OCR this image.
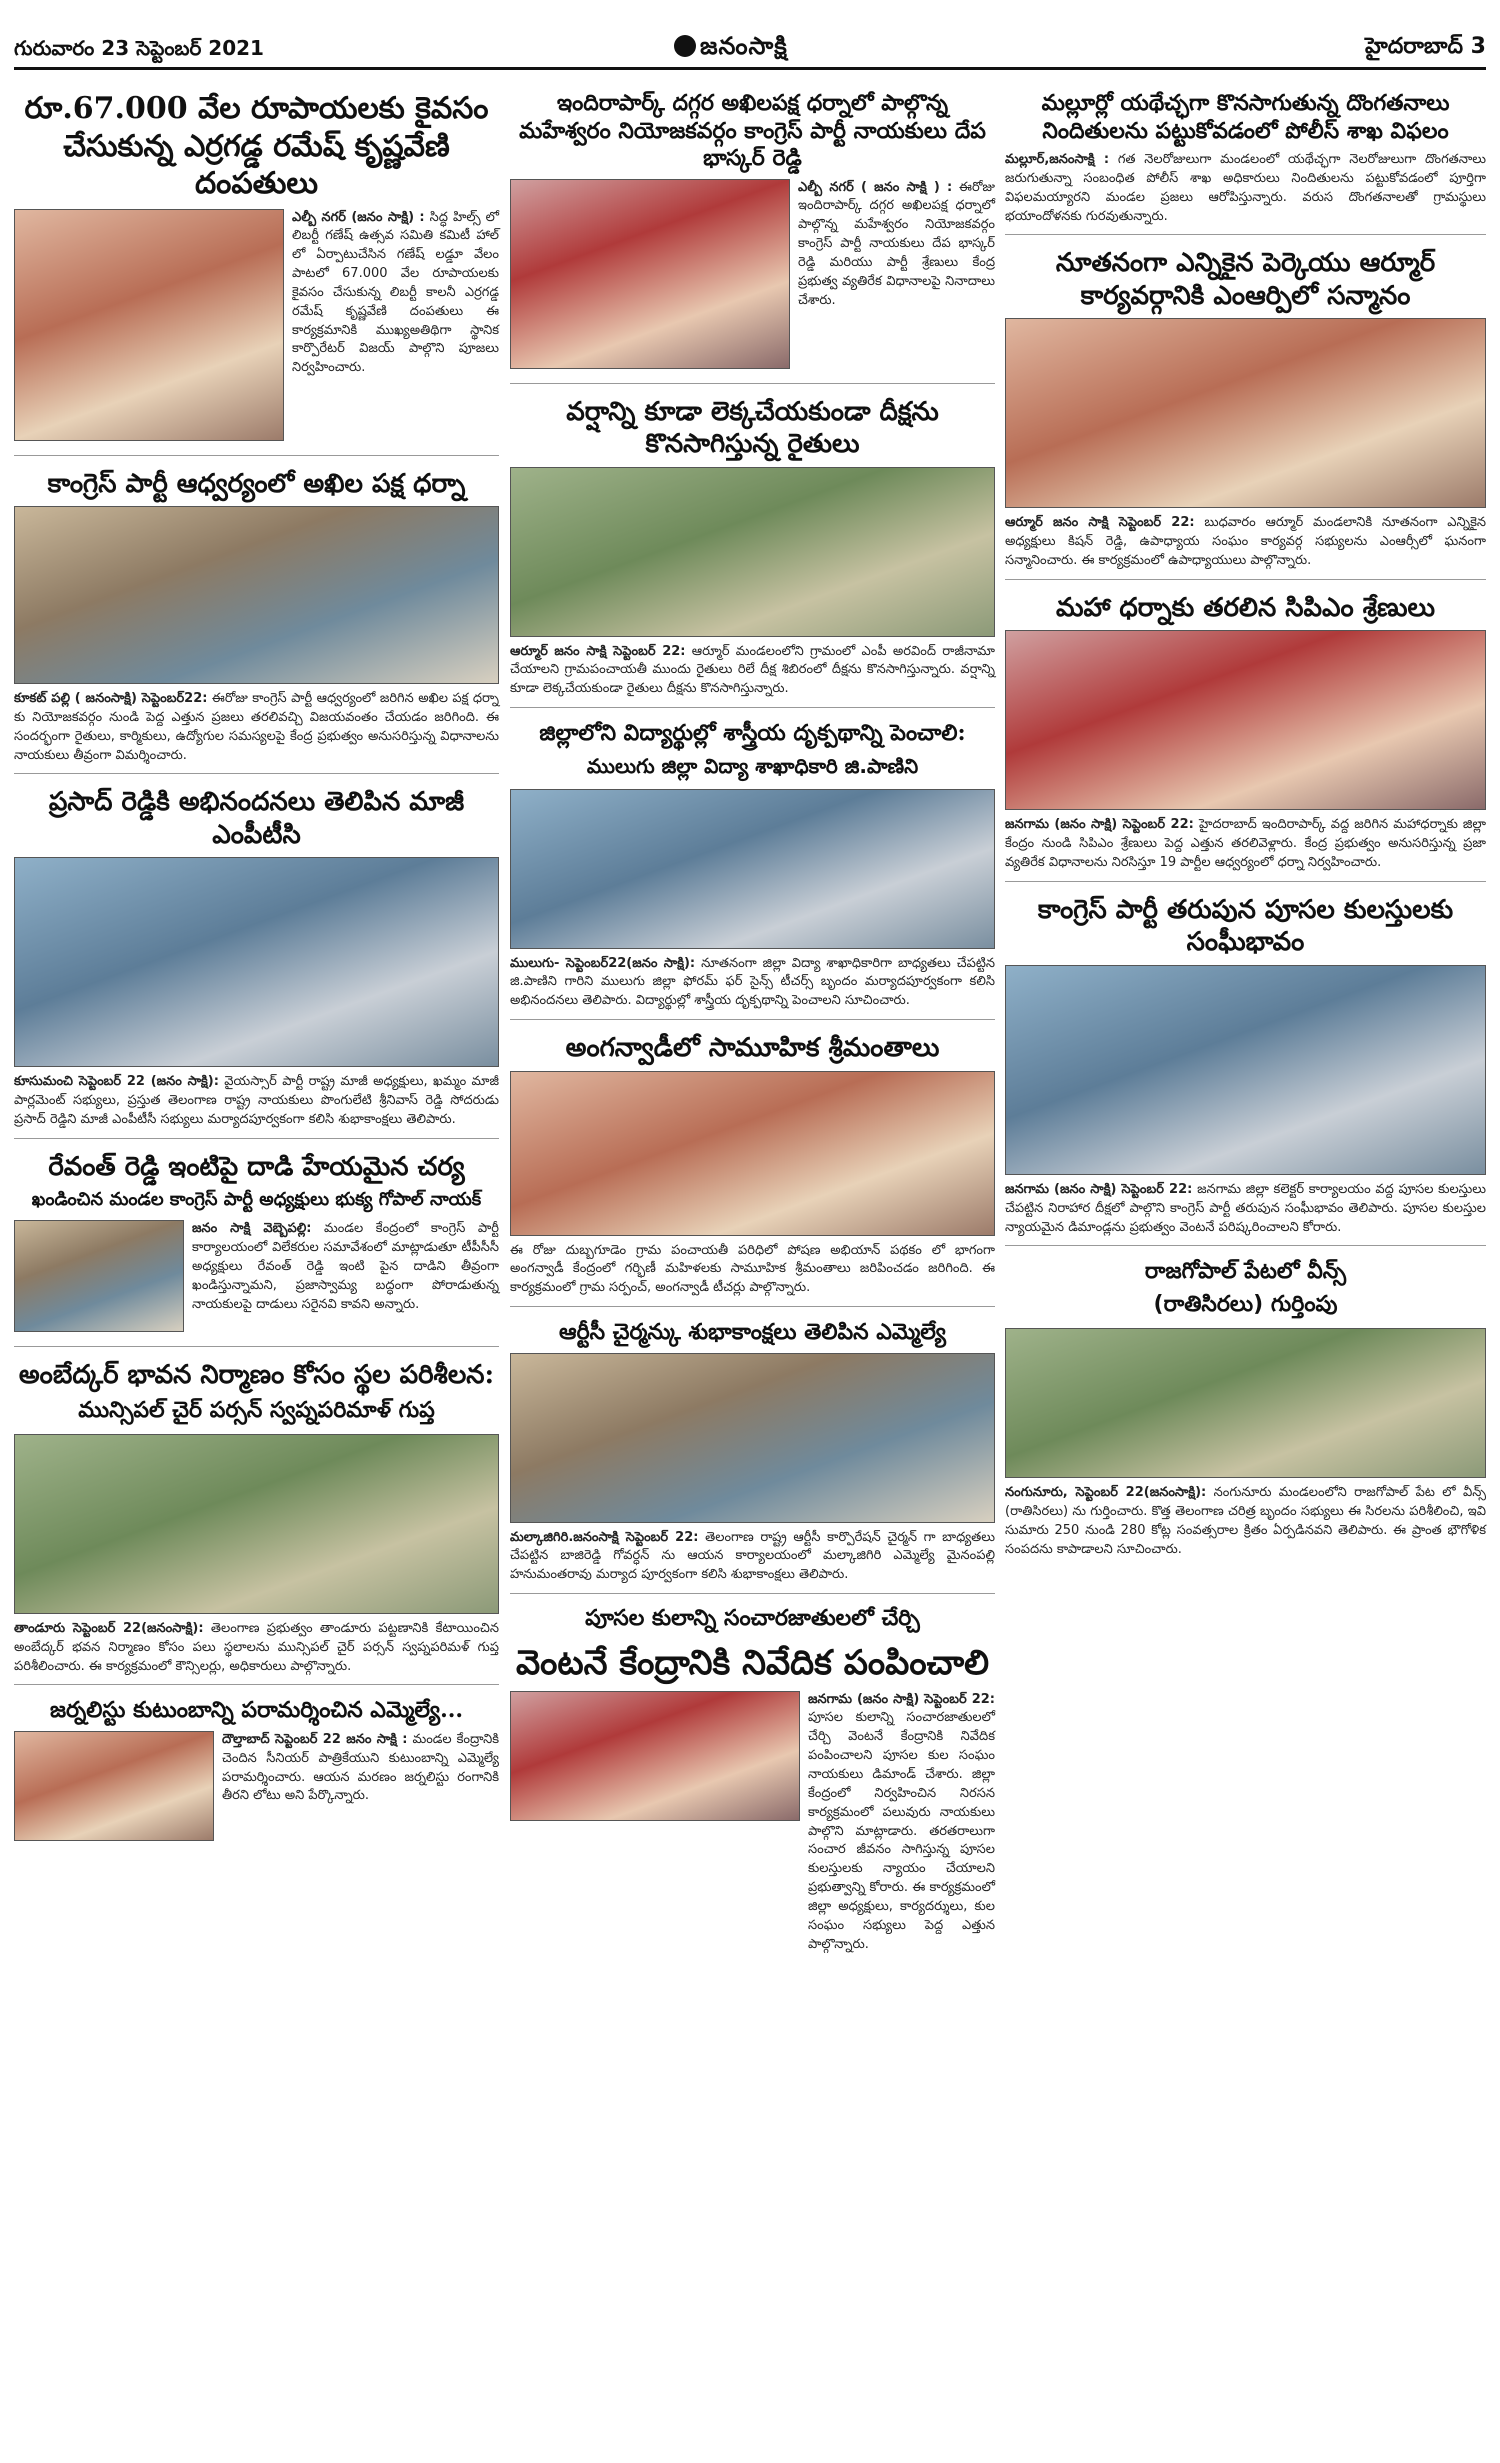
గురువారం 23 సెప్టెంబర్ 2021	జనంసాక్షి	హైదరాబాద్ 3
రూ.67.000 వేల రూపాయలకు కైవసం చేసుకున్న ఎర్రగడ్డ రమేష్ కృష్ణవేణి దంపతులు
ఎల్బీ నగర్ (జనం సాక్షి) : సిద్ధ హిల్స్ లో లిబర్టీ గణేష్ ఉత్సవ సమితి కమిటీ హాల్ లో ఏర్పాటుచేసిన గణేష్ లడ్డూ వేలం పాటలో 67.000 వేల రూపాయలకు కైవసం చేసుకున్న లిబర్టీ కాలనీ ఎర్రగడ్డ రమేష్ కృష్ణవేణి దంపతులు ఈ కార్యక్రమానికి ముఖ్యఅతిథిగా స్థానిక కార్పొరేటర్ విజయ్ పాల్గొని పూజలు నిర్వహించారు.
కాంగ్రెస్ పార్టీ ఆధ్వర్యంలో అఖిల పక్ష ధర్నా
కూకట్ పల్లి ( జనంసాక్షి) సెప్టెంబర్22: ఈరోజు కాంగ్రెస్ పార్టీ ఆధ్వర్యంలో జరిగిన అఖిల పక్ష ధర్నా కు నియోజకవర్గం నుండి పెద్ద ఎత్తున ప్రజలు తరలివచ్చి విజయవంతం చేయడం జరిగింది. ఈ సందర్భంగా రైతులు, కార్మికులు, ఉద్యోగుల సమస్యలపై కేంద్ర ప్రభుత్వం అనుసరిస్తున్న విధానాలను నాయకులు తీవ్రంగా విమర్శించారు.
ప్రసాద్ రెడ్డికి అభినందనలు తెలిపిన మాజీ ఎంపీటీసి
కూసుమంచి సెప్టెంబర్ 22 (జనం సాక్షి): వైయస్సార్ పార్టీ రాష్ట్ర మాజీ అధ్యక్షులు, ఖమ్మం మాజీ పార్లమెంట్ సభ్యులు, ప్రస్తుత తెలంగాణ రాష్ట్ర నాయకులు పొంగులేటి శ్రీనివాస్ రెడ్డి సోదరుడు ప్రసాద్ రెడ్డిని మాజీ ఎంపీటీసీ సభ్యులు మర్యాదపూర్వకంగా కలిసి శుభాకాంక్షలు తెలిపారు.
రేవంత్ రెడ్డి ఇంటిపై దాడి హేయమైన చర్య
ఖండించిన మండల కాంగ్రెస్ పార్టీ అధ్యక్షులు భుక్య గోపాల్ నాయక్
జనం సాక్షి వెబ్బెపల్లి: మండల కేంద్రంలో కాంగ్రెస్ పార్టీ కార్యాలయంలో విలేకరుల సమావేశంలో మాట్లాడుతూ టీపీసీసీ అధ్యక్షులు రేవంత్ రెడ్డి ఇంటి పైన దాడిని తీవ్రంగా ఖండిస్తున్నామని, ప్రజాస్వామ్య బద్ధంగా పోరాడుతున్న నాయకులపై దాడులు సరైనవి కావని అన్నారు.
అంబేద్కర్ భావన నిర్మాణం కోసం స్థల పరిశీలన:
మున్సిపల్ చైర్ పర్సన్ స్వప్నపరిమాళ్ గుప్త
తాండూరు సెప్టెంబర్ 22(జనంసాక్షి): తెలంగాణ ప్రభుత్వం తాండూరు పట్టణానికి కేటాయించిన అంబేద్కర్ భవన నిర్మాణం కోసం పలు స్థలాలను మున్సిపల్ చైర్ పర్సన్ స్వప్నపరిమళ్ గుప్త పరిశీలించారు. ఈ కార్యక్రమంలో కౌన్సిలర్లు, అధికారులు పాల్గొన్నారు.
జర్నలిస్టు కుటుంబాన్ని పరామర్శించిన ఎమ్మెల్యే...
దౌల్తాబాద్ సెప్టెంబర్ 22 జనం సాక్షి : మండల కేంద్రానికి చెందిన సీనియర్ పాత్రికేయుని కుటుంబాన్ని ఎమ్మెల్యే పరామర్శించారు. ఆయన మరణం జర్నలిస్టు రంగానికి తీరని లోటు అని పేర్కొన్నారు.
ఇందిరాపార్క్ దగ్గర అఖిలపక్ష ధర్నాలో పాల్గొన్న మహేశ్వరం నియోజకవర్గం కాంగ్రెస్ పార్టీ నాయకులు దేప భాస్కర్ రెడ్డి
ఎల్బీ నగర్ ( జనం సాక్షి ) : ఈరోజు ఇందిరాపార్క్ దగ్గర అఖిలపక్ష ధర్నాలో పాల్గొన్న మహేశ్వరం నియోజకవర్గం కాంగ్రెస్ పార్టీ నాయకులు దేప భాస్కర్ రెడ్డి మరియు పార్టీ శ్రేణులు కేంద్ర ప్రభుత్వ వ్యతిరేక విధానాలపై నినాదాలు చేశారు.
వర్షాన్ని కూడా లెక్కచేయకుండా దీక్షను కొనసాగిస్తున్న రైతులు
ఆర్మూర్ జనం సాక్షి సెప్టెంబర్ 22: ఆర్మూర్ మండలంలోని గ్రామంలో ఎంపీ అరవింద్ రాజీనామా చేయాలని గ్రామపంచాయతీ ముందు రైతులు రిలే దీక్ష శిబిరంలో దీక్షను కొనసాగిస్తున్నారు. వర్షాన్ని కూడా లెక్కచేయకుండా రైతులు దీక్షను కొనసాగిస్తున్నారు.
జిల్లాలోని విద్యార్థుల్లో శాస్త్రీయ దృక్పథాన్ని పెంచాలి:
ములుగు జిల్లా విద్యా శాఖాధికారి జి.పాణిని
ములుగు- సెప్టెంబర్22(జనం సాక్షి): నూతనంగా జిల్లా విద్యా శాఖాధికారిగా బాధ్యతలు చేపట్టిన జి.పాణిని గారిని ములుగు జిల్లా ఫోరమ్ ఫర్ సైన్స్ టీచర్స్ బృందం మర్యాదపూర్వకంగా కలిసి అభినందనలు తెలిపారు. విద్యార్థుల్లో శాస్త్రీయ దృక్పథాన్ని పెంచాలని సూచించారు.
అంగన్వాడీలో సామూహిక శ్రీమంతాలు
ఈ రోజు దుబ్బగూడెం గ్రామ పంచాయతీ పరిధిలో పోషణ అభియాన్ పథకం లో భాగంగా అంగన్వాడీ కేంద్రంలో గర్భిణీ మహిళలకు సామూహిక శ్రీమంతాలు జరిపించడం జరిగింది. ఈ కార్యక్రమంలో గ్రామ సర్పంచ్, అంగన్వాడీ టీచర్లు పాల్గొన్నారు.
ఆర్టీసీ చైర్మన్కు శుభాకాంక్షలు తెలిపిన ఎమ్మెల్యే
మల్కాజిగిరి.జనంసాక్షి సెప్టెంబర్ 22: తెలంగాణ రాష్ట్ర ఆర్టీసీ కార్పొరేషన్ చైర్మన్ గా బాధ్యతలు చేపట్టిన బాజిరెడ్డి గోవర్ధన్ ను ఆయన కార్యాలయంలో మల్కాజిగిరి ఎమ్మెల్యే మైనంపల్లి హనుమంతరావు మర్యాద పూర్వకంగా కలిసి శుభాకాంక్షలు తెలిపారు.
పూసల కులాన్ని సంచారజాతులలో చేర్చి
వెంటనే కేంద్రానికి నివేదిక పంపించాలి
జనగామ (జనం సాక్షి) సెప్టెంబర్ 22: పూసల కులాన్ని సంచారజాతులలో చేర్చి వెంటనే కేంద్రానికి నివేదిక పంపించాలని పూసల కుల సంఘం నాయకులు డిమాండ్ చేశారు. జిల్లా కేంద్రంలో నిర్వహించిన నిరసన కార్యక్రమంలో పలువురు నాయకులు పాల్గొని మాట్లాడారు. తరతరాలుగా సంచార జీవనం సాగిస్తున్న పూసల కులస్తులకు న్యాయం చేయాలని ప్రభుత్వాన్ని కోరారు. ఈ కార్యక్రమంలో జిల్లా అధ్యక్షులు, కార్యదర్శులు, కుల సంఘం సభ్యులు పెద్ద ఎత్తున పాల్గొన్నారు.
మల్లూర్లో యథేచ్ఛగా కొనసాగుతున్న దొంగతనాలు నిందితులను పట్టుకోవడంలో పోలీస్ శాఖ విఫలం
మల్లూర్,జనంసాక్షి : గత నెలరోజులుగా మండలంలో యథేచ్ఛగా నెలరోజులుగా దొంగతనాలు జరుగుతున్నా సంబంధిత పోలీస్ శాఖ అధికారులు నిందితులను పట్టుకోవడంలో పూర్తిగా విఫలమయ్యారని మండల ప్రజలు ఆరోపిస్తున్నారు. వరుస దొంగతనాలతో గ్రామస్థులు భయాందోళనకు గురవుతున్నారు.
నూతనంగా ఎన్నికైన పెర్కెయు ఆర్మూర్ కార్యవర్గానికి ఎంఆర్పిలో సన్మానం
ఆర్మూర్ జనం సాక్షి సెప్టెంబర్ 22: బుధవారం ఆర్మూర్ మండలానికి నూతనంగా ఎన్నికైన అధ్యక్షులు కిషన్ రెడ్డి, ఉపాధ్యాయ సంఘం కార్యవర్గ సభ్యులను ఎంఆర్సీలో ఘనంగా సన్మానించారు. ఈ కార్యక్రమంలో ఉపాధ్యాయులు పాల్గొన్నారు.
మహా ధర్నాకు తరలిన సిపిఎం శ్రేణులు
జనగామ (జనం సాక్షి) సెప్టెంబర్ 22: హైదరాబాద్ ఇందిరాపార్క్ వద్ద జరిగిన మహాధర్నాకు జిల్లా కేంద్రం నుండి సిపిఎం శ్రేణులు పెద్ద ఎత్తున తరలివెళ్లారు. కేంద్ర ప్రభుత్వం అనుసరిస్తున్న ప్రజా వ్యతిరేక విధానాలను నిరసిస్తూ 19 పార్టీల ఆధ్వర్యంలో ధర్నా నిర్వహించారు.
కాంగ్రెస్ పార్టీ తరుపున పూసల కులస్తులకు సంఘీభావం
జనగామ (జనం సాక్షి) సెప్టెంబర్ 22: జనగామ జిల్లా కలెక్టర్ కార్యాలయం వద్ద పూసల కులస్తులు చేపట్టిన నిరాహార దీక్షలో పాల్గొని కాంగ్రెస్ పార్టీ తరుపున సంఘీభావం తెలిపారు. పూసల కులస్తుల న్యాయమైన డిమాండ్లను ప్రభుత్వం వెంటనే పరిష్కరించాలని కోరారు.
రాజగోపాల్ పేటలో వీన్స్
(రాతిసిరలు) గుర్తింపు
నంగునూరు, సెప్టెంబర్ 22(జనంసాక్షి): నంగునూరు మండలంలోని రాజగోపాల్ పేట లో వీన్స్ (రాతిసిరలు) ను గుర్తించారు. కొత్త తెలంగాణ చరిత్ర బృందం సభ్యులు ఈ సిరలను పరిశీలించి, ఇవి సుమారు 250 నుండి 280 కోట్ల సంవత్సరాల క్రితం ఏర్పడినవని తెలిపారు. ఈ ప్రాంత భౌగోళిక సంపదను కాపాడాలని సూచించారు.
